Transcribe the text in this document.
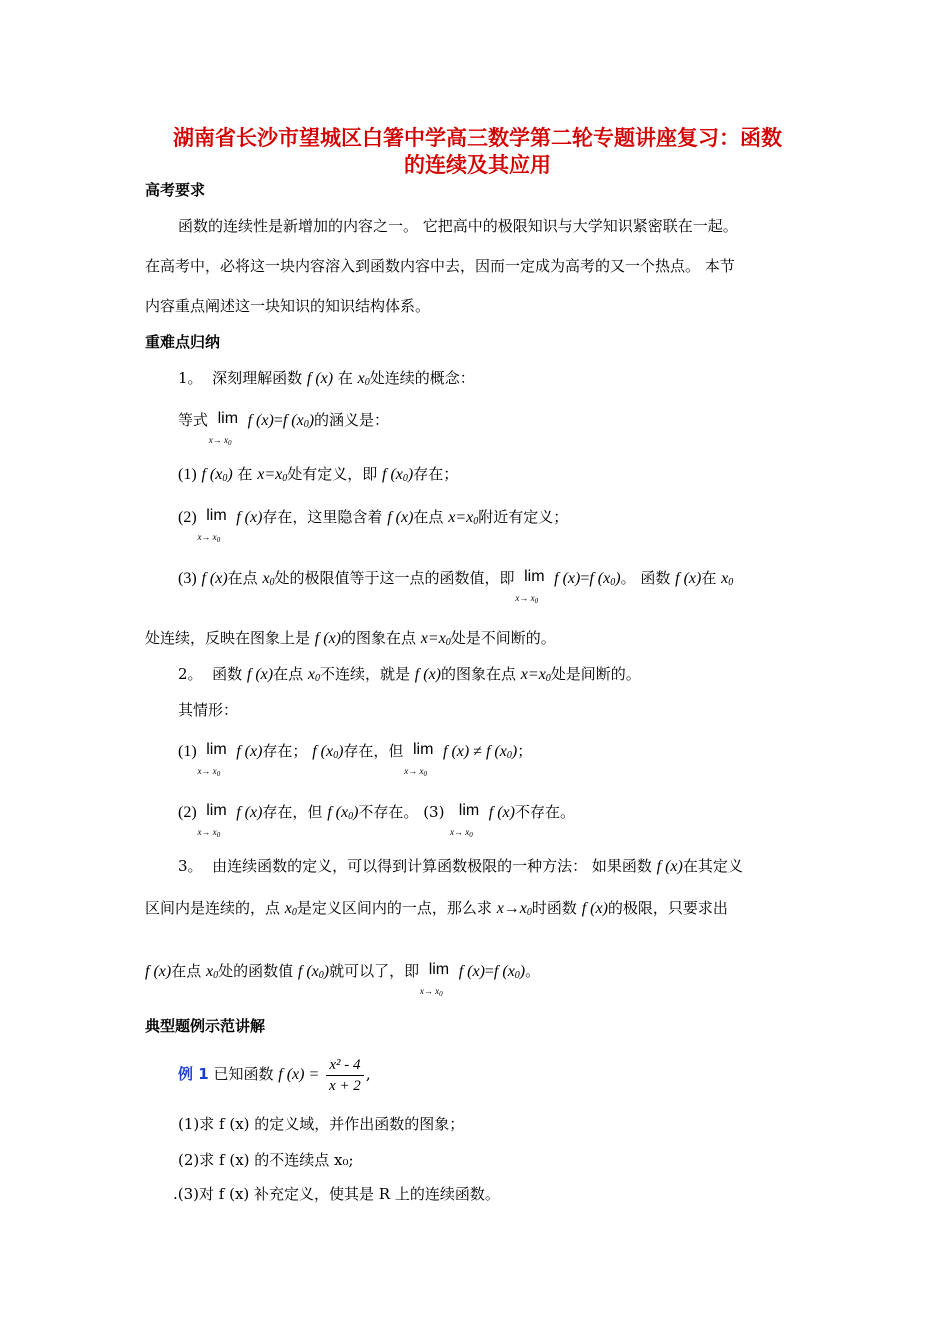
湖南省长沙市望城区白箸中学高三数学第二轮专题讲座复习：函数
的连续及其应用
高考要求
函数的连续性是新增加的内容之一。 它把高中的极限知识与大学知识紧密联在一起。
在高考中，必将这一块内容溶入到函数内容中去，因而一定成为高考的又一个热点。 本节
内容重点阐述这一块知识的知识结构体系。
重难点归纳
1。 深刻理解函数 f (x) 在 $x_0$处连续的概念：
等式 lim
$x\to x_0$
f (x)=f $(x_0)$的涵义是：
(1) f $(x_0)$ 在 $x=x_0$处有定义，即 f $(x_0)$存在；
(2) lim
$x\to x_0$
f (x)存在，这里隐含着 f (x)在点 $x=x_0$附近有定义；
(3) f (x)在点 $x_0$处的极限值等于这一点的函数值，即 lim
$x\to x_0$
f (x)=f $(x_0)$。 函数 f (x)在 $x_0$
处连续，反映在图象上是 f (x)的图象在点 $x=x_0$处是不间断的。
2。 函数 f (x)在点 $x_0$不连续，就是 f (x)的图象在点 $x=x_0$处是间断的。
其情形：
(1) lim
$x\to x_0$
f (x)存在； f $(x_0)$存在，但 lim
$x\to x_0$
f (x) ≠ f $(x_0)$；
(2) lim
$x\to x_0$
f (x)存在，但 f $(x_0)$不存在。 (3) lim
$x\to x_0$
f (x)不存在。
3。 由连续函数的定义，可以得到计算函数极限的一种方法： 如果函数 f (x)在其定义
区间内是连续的，点 $x_0$是定义区间内的一点，那么求 $x\to x_0$时函数 f (x)的极限，只要求出
f (x)在点 $x_0$处的函数值 f $(x_0)$就可以了，即 lim
$x\to x_0$
f (x)=f $(x_0)$。
典型题例示范讲解
例 1 已知函数 f $(x) = \frac{\text{x² - 4}}{x + 2}$ ,
(1)求 f (x) 的定义域，并作出函数的图象；
(2)求 f (x) 的不连续点 x₀;
.(3)对 f (x) 补充定义，使其是 R 上的连续函数。
